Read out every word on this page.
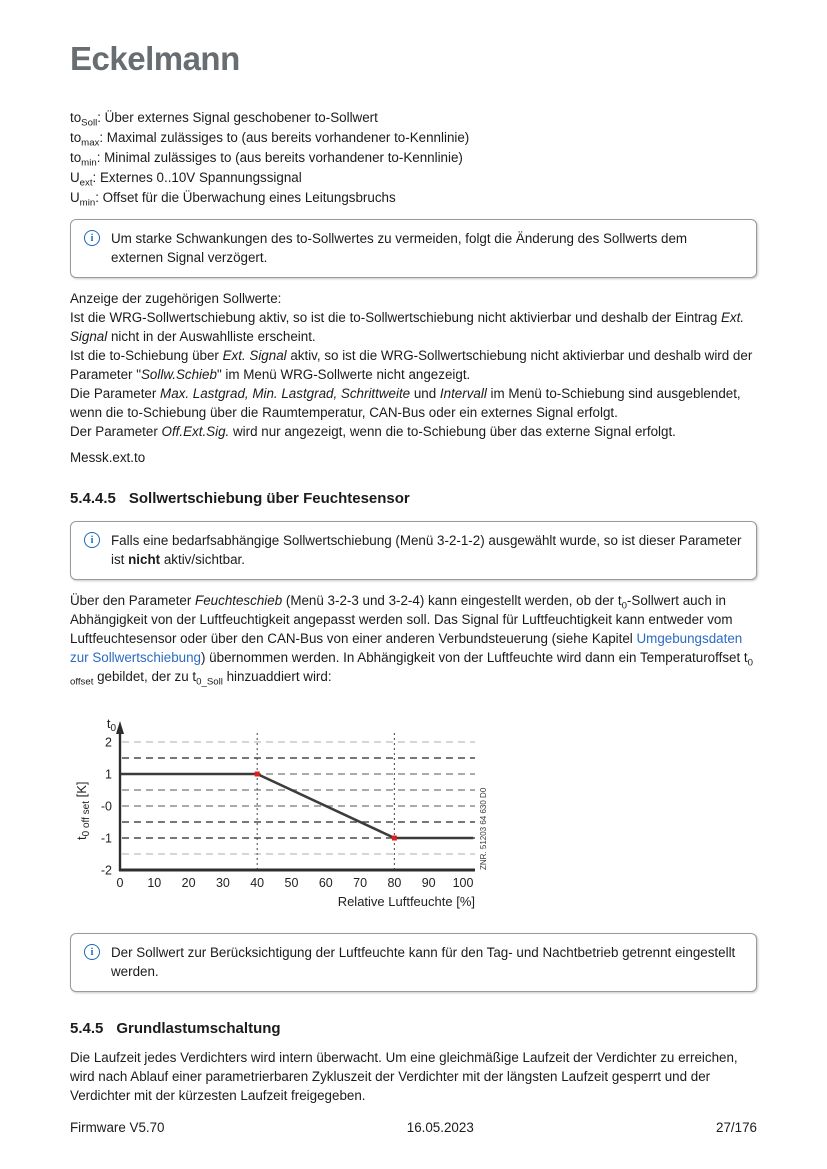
Eckelmann
$to_{Soll}$: Über externes Signal geschobener to-Sollwert
$to_{max}$: Maximal zulässiges to (aus bereits vorhandener to-Kennlinie)
$to_{min}$: Minimal zulässiges to (aus bereits vorhandener to-Kennlinie)
$U_{ext}$: Externes 0..10V Spannungssignal
$U_{min}$: Offset für die Überwachung eines Leitungsbruchs
i	Um starke Schwankungen des to-Sollwertes zu vermeiden, folgt die Änderung des Sollwerts dem externen Signal verzögert.
Anzeige der zugehörigen Sollwerte:
Ist die WRG-Sollwertschiebung aktiv, so ist die to-Sollwertschiebung nicht aktivierbar und deshalb der Eintrag Ext. Signal nicht in der Auswahlliste erscheint.
Ist die to-Schiebung über Ext. Signal aktiv, so ist die WRG-Sollwertschiebung nicht aktivierbar und deshalb wird der Parameter "Sollw.Schieb" im Menü WRG-Sollwerte nicht angezeigt.
Die Parameter Max. Lastgrad, Min. Lastgrad, Schrittweite und Intervall im Menü to-Schiebung sind ausgeblendet, wenn die to-Schiebung über die Raumtemperatur, CAN-Bus oder ein externes Signal erfolgt.
Der Parameter Off.Ext.Sig. wird nur angezeigt, wenn die to-Schiebung über das externe Signal erfolgt.
Messk.ext.to
5.4.4.5 Sollwertschiebung über Feuchtesensor
i	Falls eine bedarfsabhängige Sollwertschiebung (Menü 3-2-1-2) ausgewählt wurde, so ist dieser Parameter ist nicht aktiv/sichtbar.
Über den Parameter Feuchteschieb (Menü 3-2-3 und 3-2-4) kann eingestellt werden, ob der $t_0$-Sollwert auch in Abhängigkeit von der Luftfeuchtigkeit angepasst werden soll. Das Signal für Luftfeuchtigkeit kann entweder vom Luftfeuchtesensor oder über den CAN-Bus von einer anderen Verbundsteuerung (siehe Kapitel Umgebungsdaten zur Sollwertschiebung) übernommen werden. In Abhängigkeit von der Luftfeuchte wird dann ein Temperaturoffset $t_{0 offset}$ gebildet, der zu $t_{0\_Soll}$ hinzuaddiert wird:
0 10 20 30 40 50 60 70 80 90 100
2
1
-0
-1
-2
t0
t0 off set [K]
Relative Luftfeuchte [%]
ZNR. 51203 64 630 D0
i	Der Sollwert zur Berücksichtigung der Luftfeuchte kann für den Tag- und Nachtbetrieb getrennt eingestellt werden.
5.4.5 Grundlastumschaltung
Die Laufzeit jedes Verdichters wird intern überwacht. Um eine gleichmäßige Laufzeit der Verdichter zu erreichen, wird nach Ablauf einer parametrierbaren Zykluszeit der Verdichter mit der längsten Laufzeit gesperrt und der Verdichter mit der kürzesten Laufzeit freigegeben.
Firmware V5.70	16.05.2023	27/176
